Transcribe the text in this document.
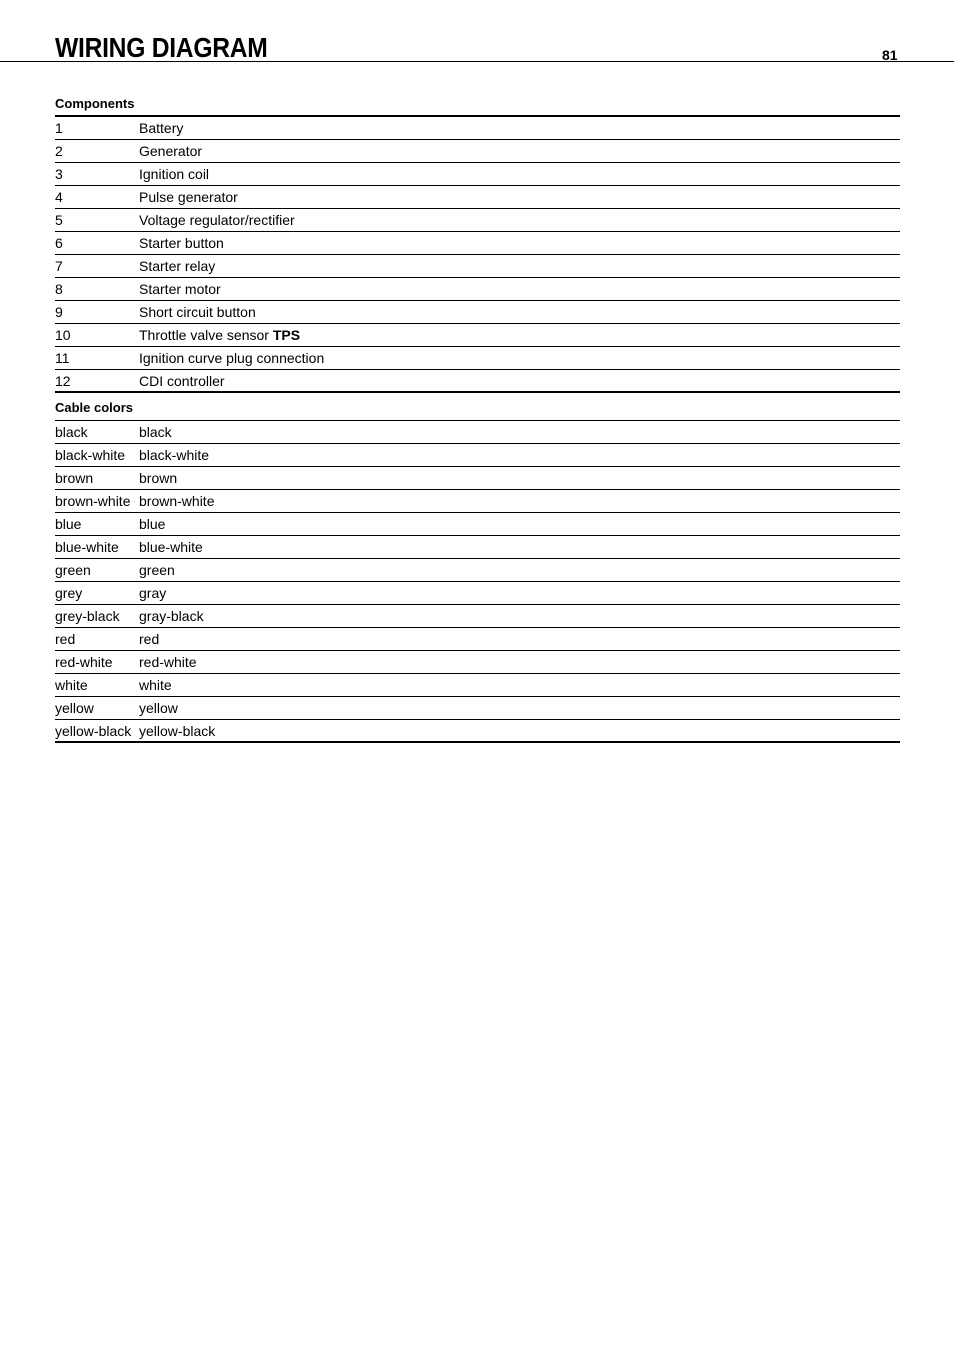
WIRING DIAGRAM	81
Components
1	Battery
2	Generator
3	Ignition coil
4	Pulse generator
5	Voltage regulator/rectifier
6	Starter button
7	Starter relay
8	Starter motor
9	Short circuit button
10	Throttle valve sensor TPS
11	Ignition curve plug connection
12	CDI controller
Cable colors
black	black
black-white black-white
brown	brown
brown-white brown-white
blue	blue
blue-white	blue-white
green	green
grey	gray
grey-black	gray-black
red	red
red-white	red-white
white	white
yellow	yellow
yellow-black yellow-black
